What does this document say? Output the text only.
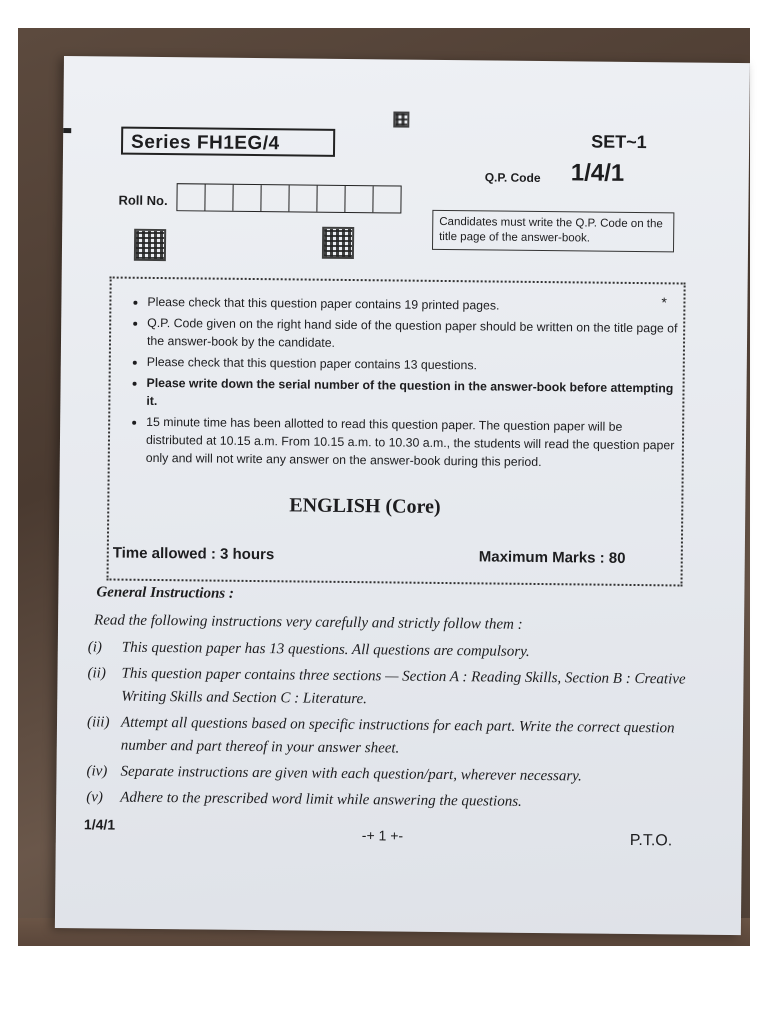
Series FH1EG/4	SET~1
Q.P. Code 1/4/1
Roll No.
Candidates must write the Q.P. Code on the title page of the answer-book.
*
• Please check that this question paper contains 19 printed pages.
• Q.P. Code given on the right hand side of the question paper should be written on the title page of the answer-book by the candidate.
• Please check that this question paper contains 13 questions.
• Please write down the serial number of the question in the answer-book before attempting it.
• 15 minute time has been allotted to read this question paper. The question paper will be distributed at 10.15 a.m. From 10.15 a.m. to 10.30 a.m., the students will read the question paper only and will not write any answer on the answer-book during this period.
ENGLISH (Core)
Time allowed : 3 hours	Maximum Marks : 80
General Instructions :
Read the following instructions very carefully and strictly follow them :
(i)	This question paper has 13 questions. All questions are compulsory.
(ii)	This question paper contains three sections — Section A : Reading Skills, Section B : Creative Writing Skills and Section C : Literature.
(iii) Attempt all questions based on specific instructions for each part. Write the correct question number and part thereof in your answer sheet.
(iv) Separate instructions are given with each question/part, wherever necessary.
(v)	Adhere to the prescribed word limit while answering the questions.
1/4/1
-+ 1 +-	P.T.O.
